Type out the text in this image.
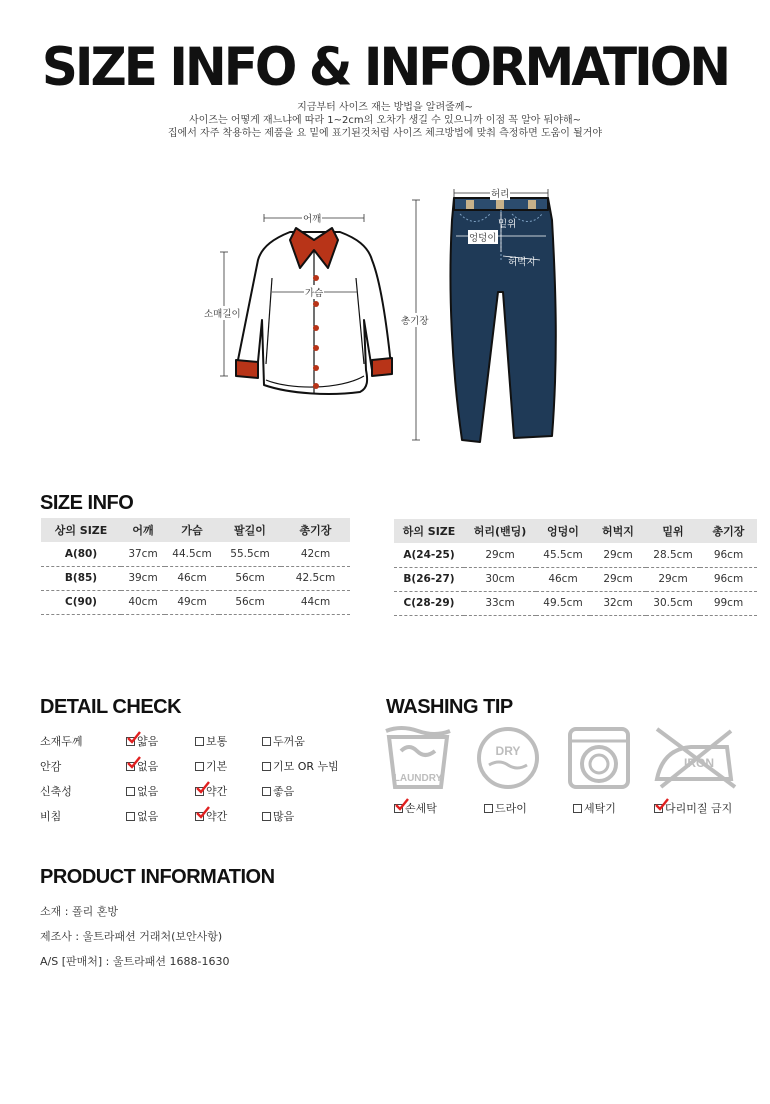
SIZE INFO & INFORMATION
지금부터 사이즈 재는 방법을 알려줄께~
사이즈는 어떻게 재느냐에 따라 1~2cm의 오차가 생길 수 있으니까 이점 꼭 알아 둬야해~
집에서 자주 착용하는 제품을 요 밑에 표기된것처럼 사이즈 체크방법에 맞춰 측정하면 도움이 될거야
어깨
가슴
소매길이
총기장
허리
밑위
엉덩이
허벅지
SIZE INFO
상의 SIZE	어깨	가슴	팔길이	총기장
A(80)	37cm	44.5cm	55.5cm	42cm
B(85)	39cm	46cm	56cm	42.5cm
C(90)	40cm	49cm	56cm	44cm
하의 SIZE	허리(밴딩)	엉덩이	허벅지	밑위	총기장
A(24-25)	29cm	45.5cm	29cm	28.5cm	96cm
B(26-27)	30cm	46cm	29cm	29cm	96cm
C(28-29)	33cm	49.5cm	32cm	30.5cm	99cm
DETAIL CHECK
소재두께	얇음	보통	두꺼움
안감	없음	기본	기모 OR 누빔
신축성	없음	약간	좋음
비침	없음	약간	많음
WASHING TIP
LAUNDRY
DRY
IRON
손세탁	드라이	세탁기	다리미질 금지
PRODUCT INFORMATION
소재 : 폴리 혼방
제조사 : 울트라패션 거래처(보안사항)
A/S [판매처] : 울트라패션 1688-1630
